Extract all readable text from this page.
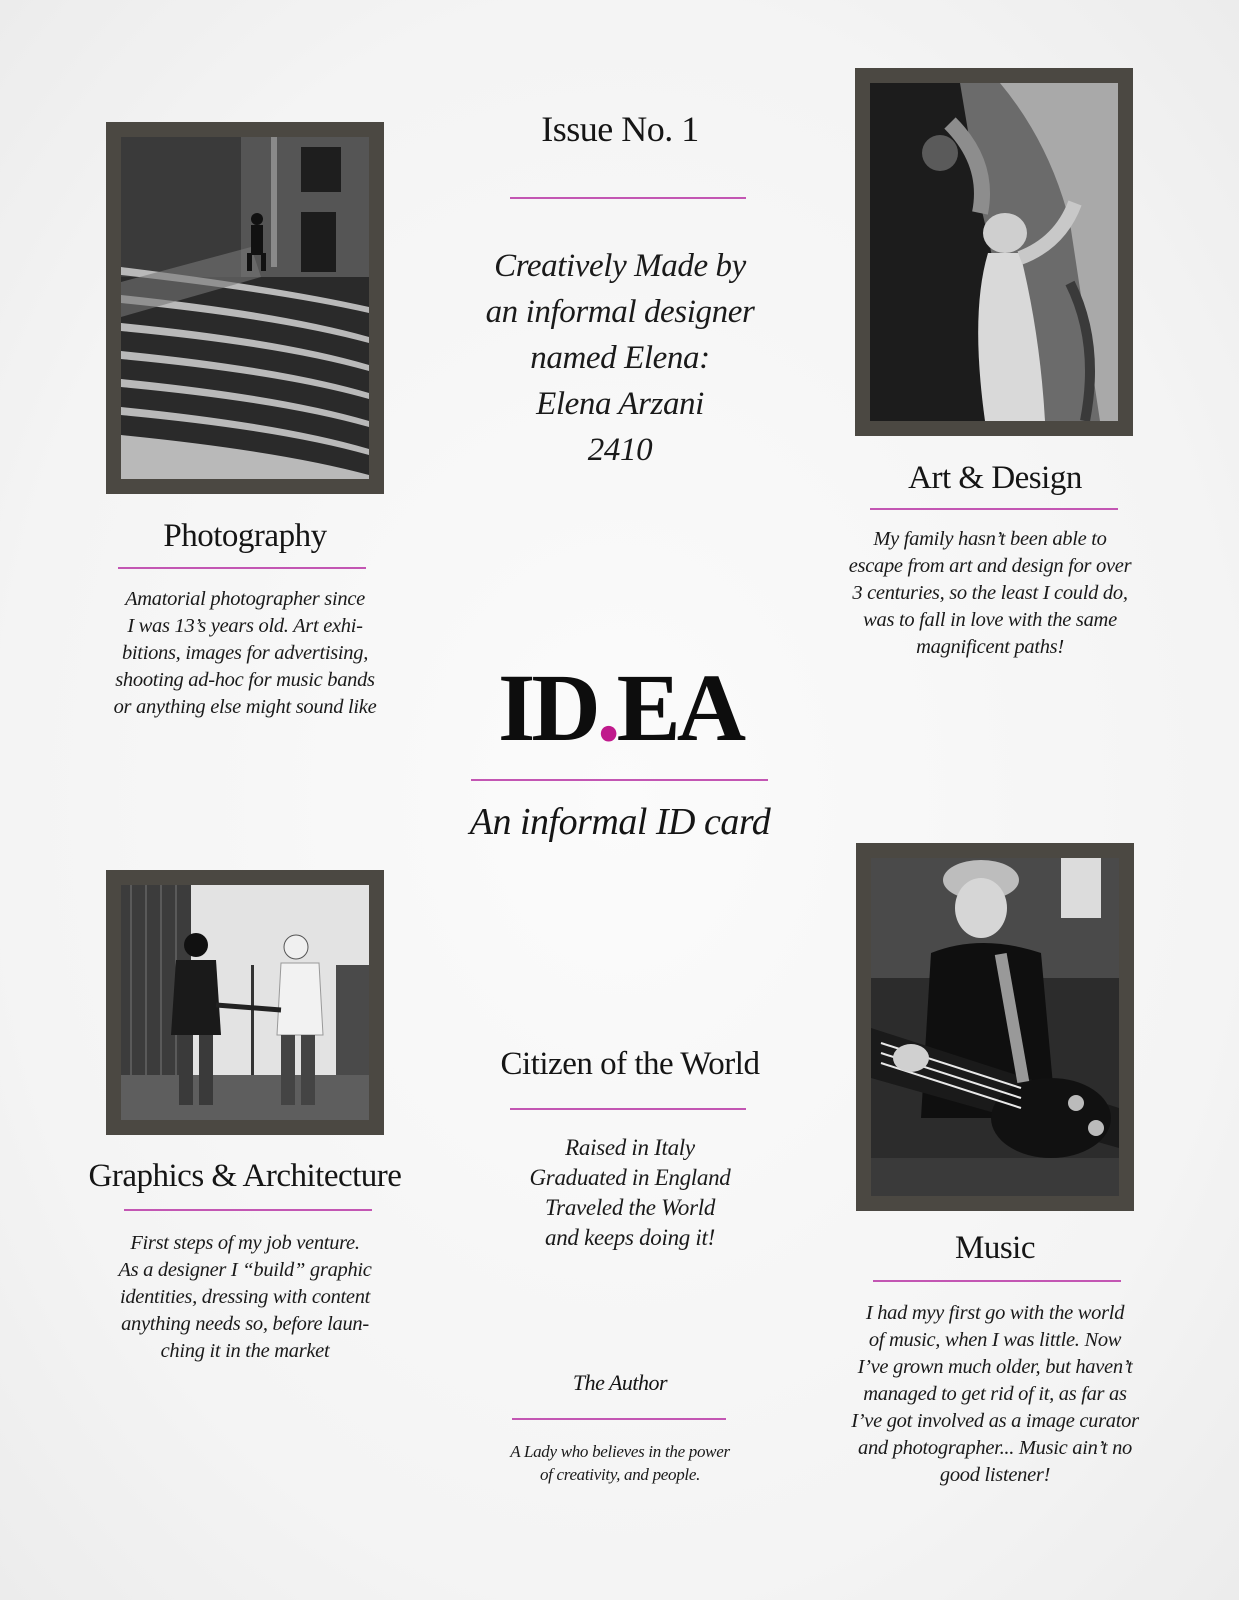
Issue No. 1
Creatively Made by
an informal designer
named Elena:
Elena Arzani
2410
Photography
Amatorial photographer since
I was 13’s years old. Art exhi-
bitions, images for advertising,
shooting ad-hoc for music bands
or anything else might sound like
Art & Design
My family hasn’t been able to
escape from art and design for over
3 centuries, so the least I could do,
was to fall in love with the same
magnificent paths!
ID.EA
An informal ID card
Graphics & Architecture
First steps of my job venture.
As a designer I “build” graphic
identities, dressing with content
anything needs so, before laun-
ching it in the market
Citizen of the World
Raised in Italy
Graduated in England
Traveled the World
and keeps doing it!	Music
I had myy first go with the world
of music, when I was little. Now
I’ve grown much older, but haven’t
managed to get rid of it, as far as
I’ve got involved as a image curator
and photographer... Music ain’t no
good listener!
The Author
A Lady who believes in the power
of creativity, and people.
